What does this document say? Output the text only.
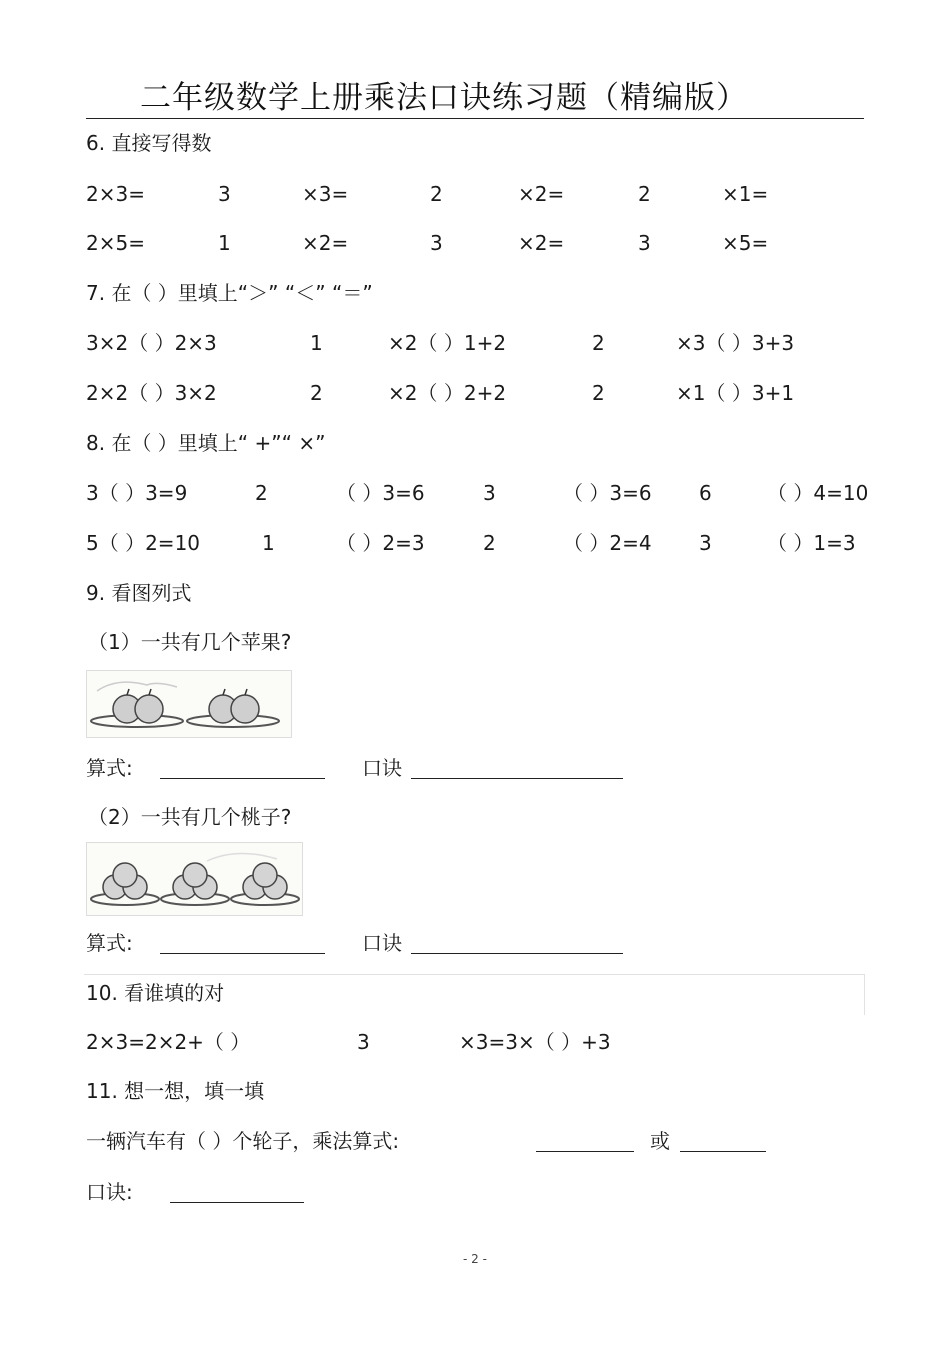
二年级数学上册乘法口诀练习题（精编版）
6. 直接写得数
2×3=	3	×3=	2	×2=	2	×1=
2×5=	1	×2=	3	×2=	3	×5=
7. 在（ ）里填上“＞” “＜” “＝”
3×2（ ）2×3	1	×2（ ）1+2	2	×3（ ）3+3
2×2（ ）3×2	2	×2（ ）2+2	2	×1（ ）3+1
8. 在（ ）里填上“ +”“ ×”
3（ ）3=9	2	（ ）3=6	3	（ ）3=6 6	（ ）4=10
5（ ）2=10	1	（ ）2=3	2	（ ）2=4 3	（ ）1=3
9. 看图列式
（1）一共有几个苹果?
算式:	口诀
（2）一共有几个桃子?
算式:	口诀
10. 看谁填的对
2×3=2×2+（ ）	3	×3=3×（ ）+3
11. 想一想，填一填
一辆汽车有（ ）个轮子，乘法算式:	或
口诀:
- 2 -
